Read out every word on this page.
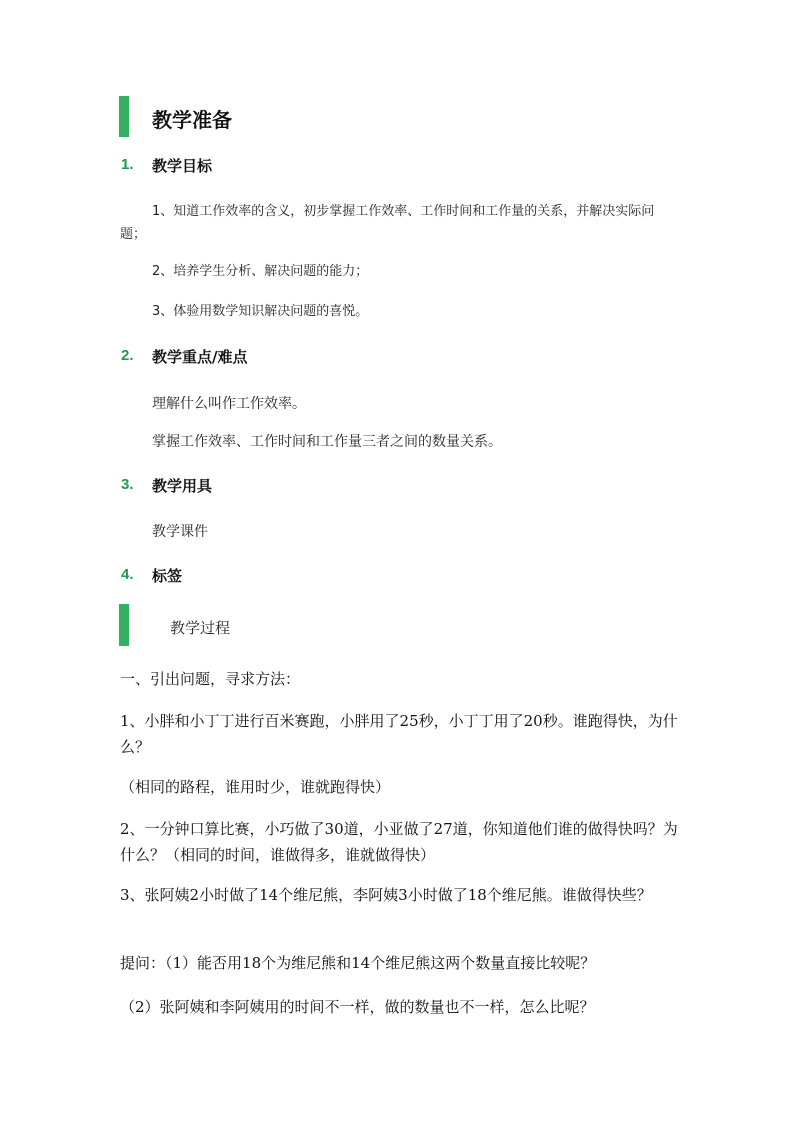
教学准备
1. 教学目标
1、知道工作效率的含义，初步掌握工作效率、工作时间和工作量的关系，并解决实际问题；
2、培养学生分析、解决问题的能力；
3、体验用数学知识解决问题的喜悦。
2. 教学重点/难点
理解什么叫作工作效率。
掌握工作效率、工作时间和工作量三者之间的数量关系。
3. 教学用具
教学课件
4. 标签
教学过程
一、引出问题，寻求方法：
1、小胖和小丁丁进行百米赛跑，小胖用了25秒，小丁丁用了20秒。谁跑得快，为什么？
（相同的路程，谁用时少，谁就跑得快）
2、一分钟口算比赛，小巧做了30道，小亚做了27道，你知道他们谁的做得快吗？为什么？（相同的时间，谁做得多，谁就做得快）
3、张阿姨2小时做了14个维尼熊，李阿姨3小时做了18个维尼熊。谁做得快些？
提问：（1）能否用18个为维尼熊和14个维尼熊这两个数量直接比较呢？
（2）张阿姨和李阿姨用的时间不一样，做的数量也不一样，怎么比呢？
